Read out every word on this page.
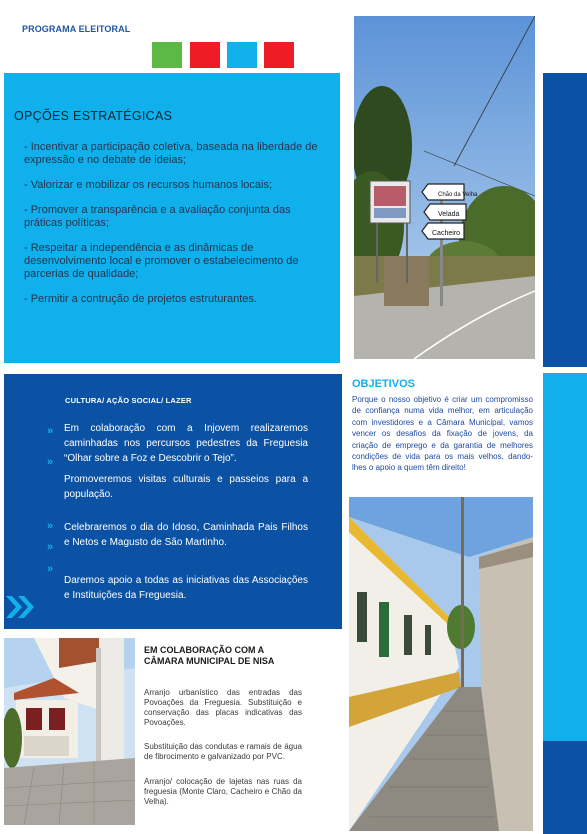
PROGRAMA ELEITORAL
OPÇÕES ESTRATÉGICAS

- Incentivar a participação coletiva, baseada na liberdade de expressão e no debate de ideias;

- Valorizar e mobilizar os recursos humanos locais;

- Promover a transparência e a avaliação conjunta das práticas políticas;

- Respeitar a independência e as dinâmicas de desenvolvimento local e promover o estabelecimento de parcerias de qualidade;

- Permitir a contrução de projetos estruturantes.

Chão da Velha
Velada
Cacheiro
CULTURA/ AÇÃO SOCIAL/ LAZER
»
»
»
»
»
Em colaboração com a Injovem realizaremos caminhadas nos percursos pedestres da Freguesia “Olhar sobre a Foz e Descobrir o Tejo”.
Promoveremos visitas culturais e passeios para a população.
Celebraremos o dia do Idoso, Caminhada Pais Filhos e Netos e Magusto de São Martinho.
Daremos apoio a todas as iniciativas das Associações e Instituições da Freguesia.
OBJETIVOS
Porque o nosso objetivo é criar um compromisso de confiança numa vida melhor, em articulação com investidores e a Câmara Municipal, vamos vencer os desafios da fixação de jovens, da criação de emprego e da garantia de melhores condições de vida para os mais velhos, dando-lhes o apoio a quem têm direito!
EM COLABORAÇÃO COM A CÂMARA MUNICIPAL DE NISA
Arranjo urbanístico das entradas das Povoações da Freguesia. Substituição e conservação das placas indicativas das Povoações.
Substituição das condutas e ramais de água de fibrocimento e galvanizado por PVC.
Arranjo/ colocação de lajetas nas ruas da freguesia (Monte Claro, Cacheiro e Chão da Velha).
